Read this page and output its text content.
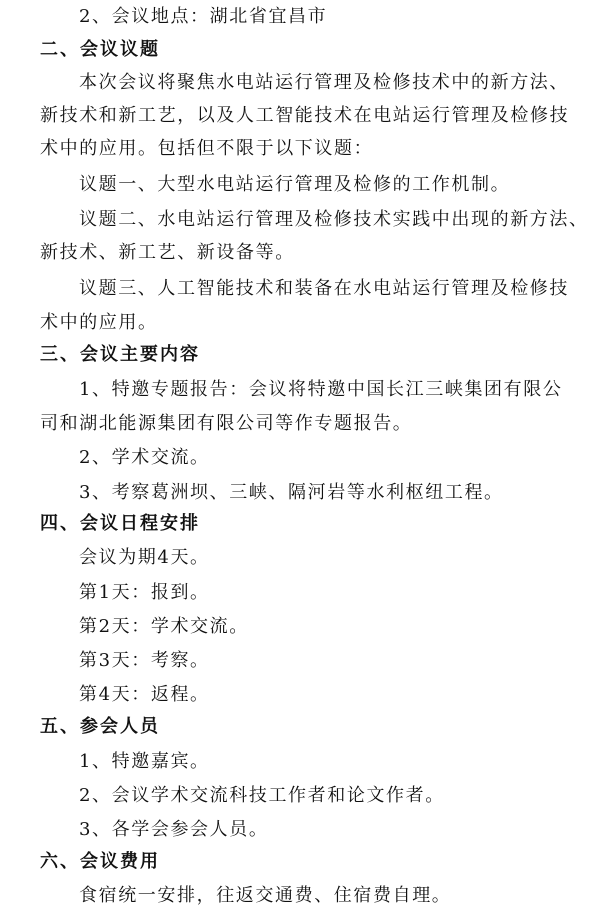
2、会议地点：湖北省宜昌市
二、会议议题
本次会议将聚焦水电站运行管理及检修技术中的新方法、
新技术和新工艺，以及人工智能技术在电站运行管理及检修技
术中的应用。包括但不限于以下议题：
议题一、大型水电站运行管理及检修的工作机制。
议题二、水电站运行管理及检修技术实践中出现的新方法、
新技术、新工艺、新设备等。
议题三、人工智能技术和装备在水电站运行管理及检修技
术中的应用。
三、会议主要内容
1、特邀专题报告：会议将特邀中国长江三峡集团有限公
司和湖北能源集团有限公司等作专题报告。
2、学术交流。
3、考察葛洲坝、三峡、隔河岩等水利枢纽工程。
四、会议日程安排
会议为期4天。
第1天：报到。
第2天：学术交流。
第3天：考察。
第4天：返程。
五、参会人员
1、特邀嘉宾。
2、会议学术交流科技工作者和论文作者。
3、各学会参会人员。
六、会议费用
食宿统一安排，往返交通费、住宿费自理。
